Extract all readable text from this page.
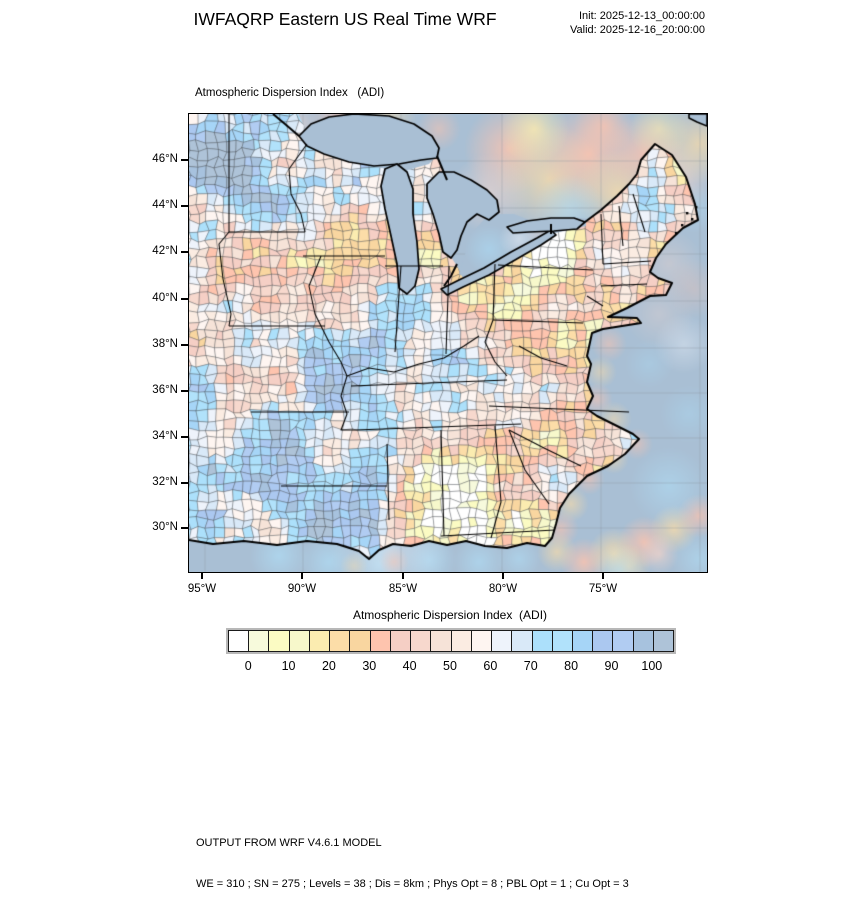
IWFAQRP Eastern US Real Time WRF	Init: 2025-12-13_00:00:00
Valid: 2025-12-16_20:00:00
Atmospheric Dispersion Index   (ADI)
46°N
44°N
42°N
40°N
38°N
36°N
34°N
32°N
30°N
95°W	90°W	85°W	80°W	75°W
Atmospheric Dispersion Index  (ADI)
0 10 20 30 40 50 60 70 80 90 100

OUTPUT FROM WRF V4.6.1 MODEL

WE = 310 ; SN = 275 ; Levels = 38 ; Dis = 8km ; Phys Opt = 8 ; PBL Opt = 1 ; Cu Opt = 3
